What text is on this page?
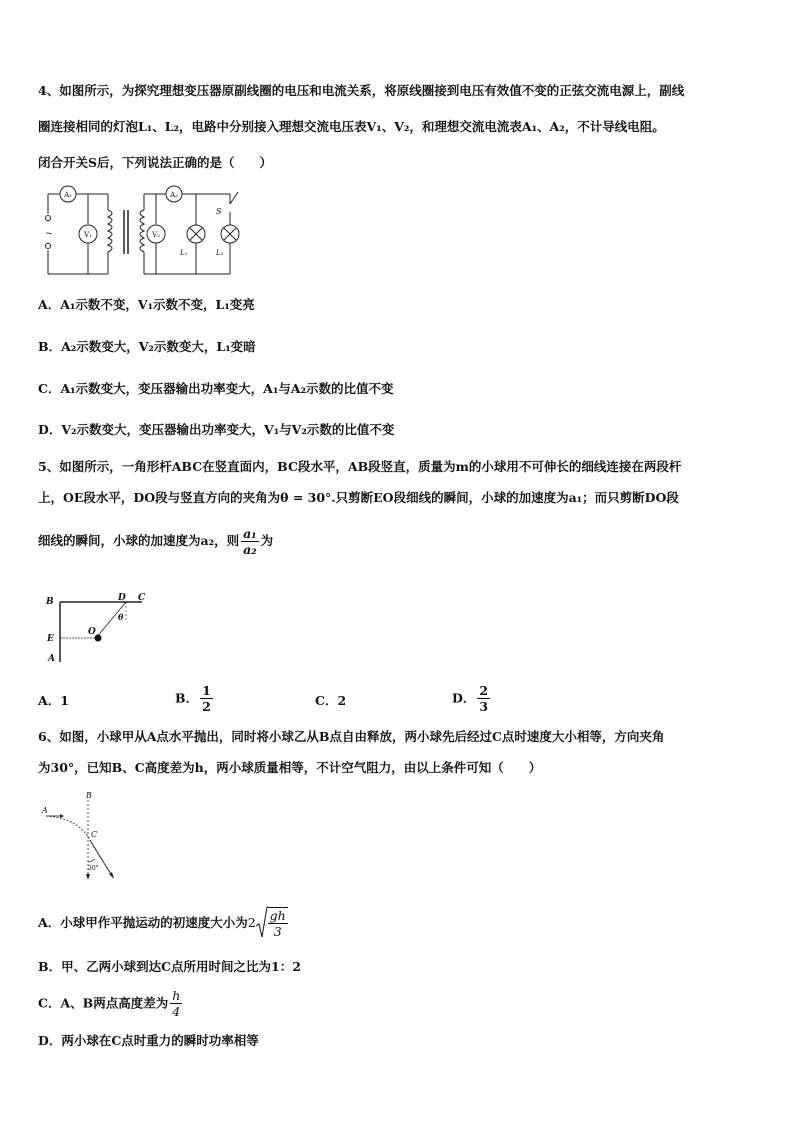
4、如图所示，为探究理想变压器原副线圈的电压和电流关系，将原线圈接到电压有效值不变的正弦交流电源上，副线
圈连接相同的灯泡L₁、L₂，电路中分别接入理想交流电压表V₁、V₂，和理想交流电流表A₁、A₂，不计导线电阻。
闭合开关S后，下列说法正确的是（　　）
A₁	A₂
V₁	V₂
L₁	L₂
S
~
A．A₁示数不变，V₁示数不变，L₁变亮
B．A₂示数变大，V₂示数变大，L₁变暗
C．A₁示数变大，变压器输出功率变大，A₁与A₂示数的比值不变
D．V₂示数变大，变压器输出功率变大，V₁与V₂示数的比值不变
5、如图所示，一角形杆ABC在竖直面内，BC段水平，AB段竖直，质量为m的小球用不可伸长的细线连接在两段杆
上，OE段水平，DO段与竖直方向的夹角为θ = 30°.只剪断EO段细线的瞬间，小球的加速度为a₁；而只剪断DO段
细线的瞬间，小球的加速度为a₂，则 $\frac{\text{a₁}}{\text{a₂}}$ 为
B	D C
E
O
A
θ
A．1	B． $\frac{1}{2}$	C．2	D． $\frac{2}{3}$
6、如图，小球甲从A点水平抛出，同时将小球乙从B点自由释放，两小球先后经过C点时速度大小相等，方向夹角
为30°，已知B、C高度差为h，两小球质量相等，不计空气阻力，由以上条件可知（　　）
A
B
C
30°
A．小球甲作平抛运动的初速度大小为$2 \frac{gh}{3}$
B．甲、乙两小球到达C点所用时间之比为1：2
C．A、B两点高度差为 $\frac{h}{4}$
D．两小球在C点时重力的瞬时功率相等
